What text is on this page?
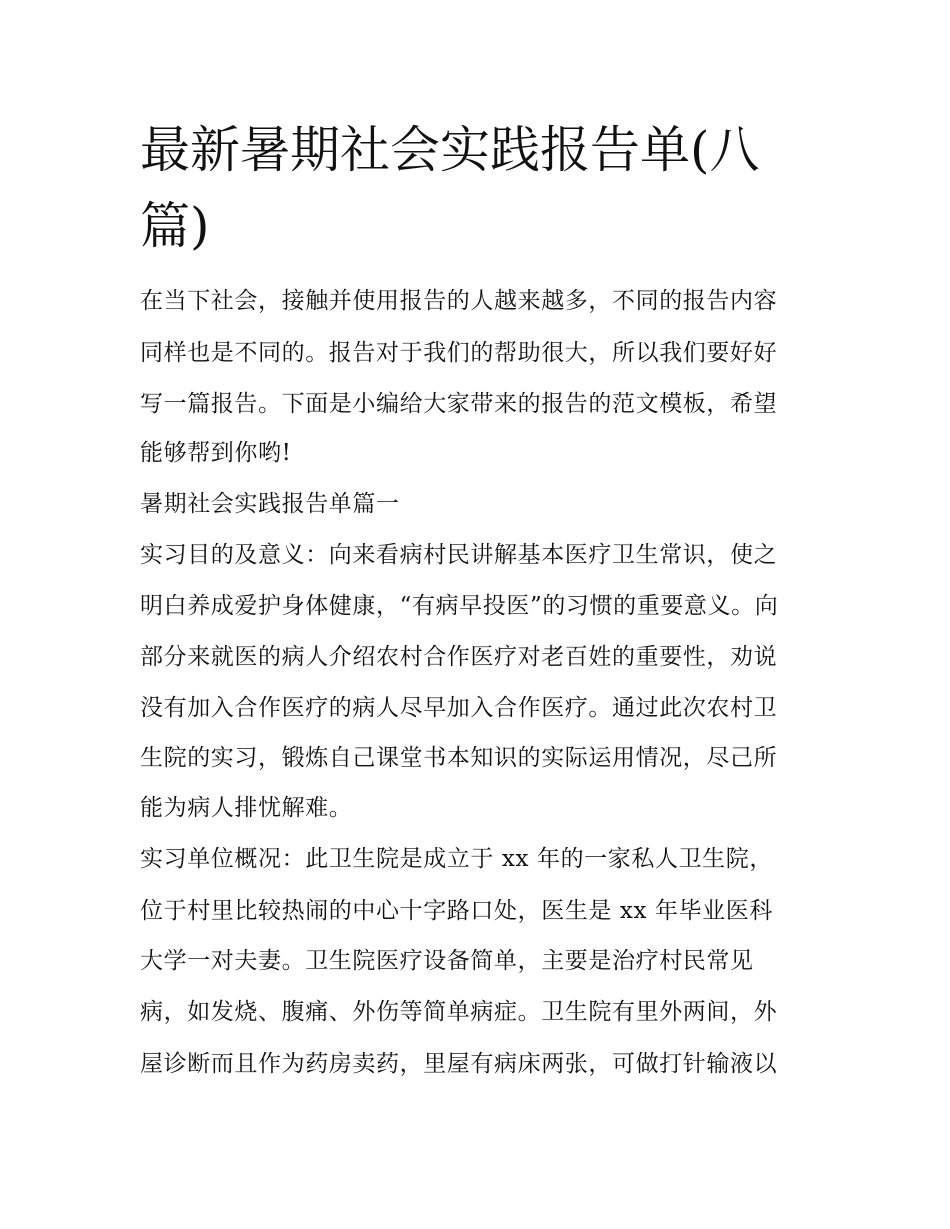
最新暑期社会实践报告单(八篇)

在当下社会，接触并使用报告的人越来越多，不同的报告内容

同样也是不同的。报告对于我们的帮助很大，所以我们要好好

写一篇报告。下面是小编给大家带来的报告的范文模板，希望

能够帮到你哟!

暑期社会实践报告单篇一

实习目的及意义：向来看病村民讲解基本医疗卫生常识，使之

明白养成爱护身体健康，“有病早投医”的习惯的重要意义。向

部分来就医的病人介绍农村合作医疗对老百姓的重要性，劝说

没有加入合作医疗的病人尽早加入合作医疗。通过此次农村卫

生院的实习，锻炼自己课堂书本知识的实际运用情况，尽己所

能为病人排忧解难。

实习单位概况：此卫生院是成立于 xx 年的一家私人卫生院，

位于村里比较热闹的中心十字路口处，医生是 xx 年毕业医科

大学一对夫妻。卫生院医疗设备简单，主要是治疗村民常见

病，如发烧、腹痛、外伤等简单病症。卫生院有里外两间，外

屋诊断而且作为药房卖药，里屋有病床两张，可做打针输液以
